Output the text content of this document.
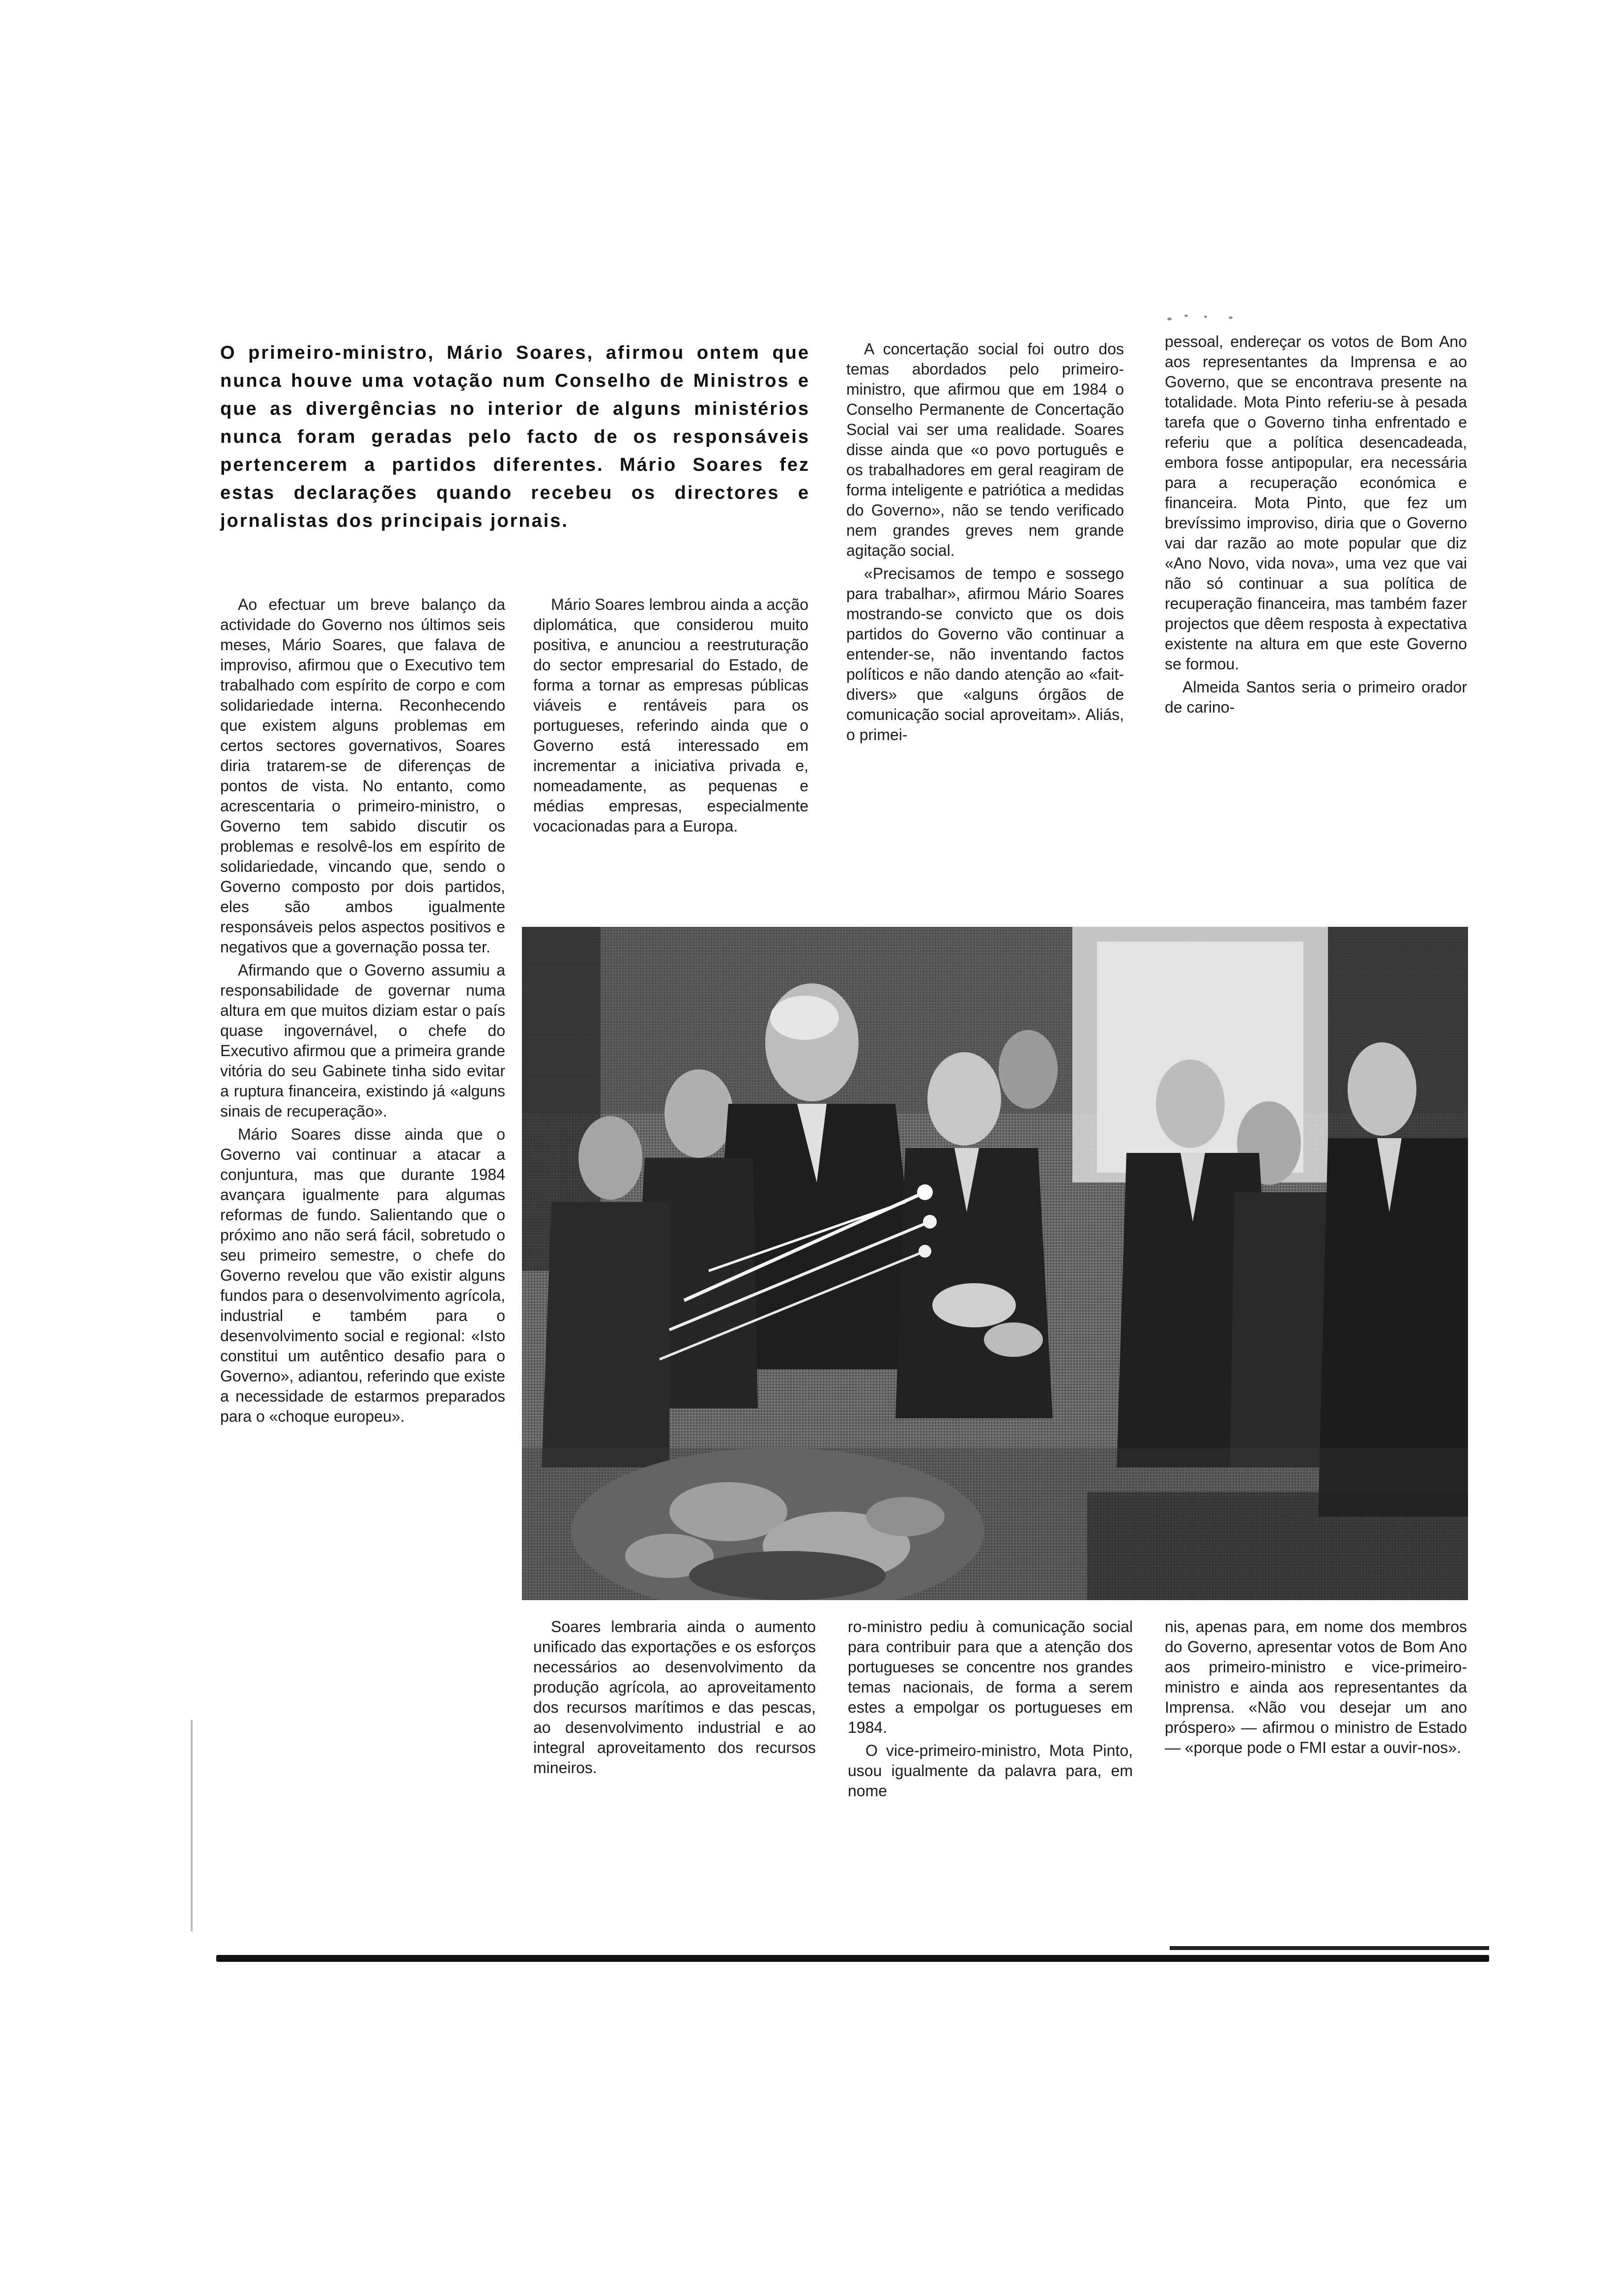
O primeiro-ministro, Mário Soares, afirmou ontem que nunca houve uma votação num Conselho de Ministros e que as divergências no interior de alguns ministérios nunca foram geradas pelo facto de os responsáveis pertencerem a partidos diferentes. Mário Soares fez estas declarações quando recebeu os directores e jornalistas dos principais jornais.

Ao efectuar um breve balanço da actividade do Governo nos últimos seis meses, Mário Soares, que falava de improviso, afirmou que o Executivo tem trabalhado com espírito de corpo e com solidariedade interna. Reconhecendo que existem alguns problemas em certos sectores governativos, Soares diria tratarem-se de diferenças de pontos de vista. No entanto, como acrescentaria o primeiro-ministro, o Governo tem sabido discutir os problemas e resolvê-los em espírito de solidariedade, vincando que, sendo o Governo composto por dois partidos, eles são ambos igualmente responsáveis pelos aspectos positivos e negativos que a governação possa ter.

Afirmando que o Governo assumiu a responsabilidade de governar numa altura em que muitos diziam estar o país quase ingovernável, o chefe do Executivo afirmou que a primeira grande vitória do seu Gabinete tinha sido evitar a ruptura financeira, existindo já «alguns sinais de recuperação».

Mário Soares disse ainda que o Governo vai continuar a atacar a conjuntura, mas que durante 1984 avançara igualmente para algumas reformas de fundo. Salientando que o próximo ano não será fácil, sobretudo o seu primeiro semestre, o chefe do Governo revelou que vão existir alguns fundos para o desenvolvimento agrícola, industrial e também para o desenvolvimento social e regional: «Isto constitui um autêntico desafio para o Governo», adiantou, referindo que existe a necessidade de estarmos preparados para o «choque europeu».

Mário Soares lembrou ainda a acção diplomática, que considerou muito positiva, e anunciou a reestruturação do sector empresarial do Estado, de forma a tornar as empresas públicas viáveis e rentáveis para os portugueses, referindo ainda que o Governo está interessado em incrementar a iniciativa privada e, nomeadamente, as pequenas e médias empresas, especialmente vocacionadas para a Europa.

A concertação social foi outro dos temas abordados pelo primeiro-ministro, que afirmou que em 1984 o Conselho Permanente de Concertação Social vai ser uma realidade. Soares disse ainda que «o povo português e os trabalhadores em geral reagiram de forma inteligente e patriótica a medidas do Governo», não se tendo verificado nem grandes greves nem grande agitação social.

«Precisamos de tempo e sossego para trabalhar», afirmou Mário Soares mostrando-se convicto que os dois partidos do Governo vão continuar a entender-se, não inventando factos políticos e não dando atenção ao «fait-divers» que «alguns órgãos de comunicação social aproveitam». Aliás, o primei-

pessoal, endereçar os votos de Bom Ano aos representantes da Imprensa e ao Governo, que se encontrava presente na totalidade. Mota Pinto referiu-se à pesada tarefa que o Governo tinha enfrentado e referiu que a política desencadeada, embora fosse antipopular, era necessária para a recuperação económica e financeira. Mota Pinto, que fez um brevíssimo improviso, diria que o Governo vai dar razão ao mote popular que diz «Ano Novo, vida nova», uma vez que vai não só continuar a sua política de recuperação financeira, mas também fazer projectos que dêem resposta à expectativa existente na altura em que este Governo se formou.

Almeida Santos seria o primeiro orador de carino-

Soares lembraria ainda o aumento unificado das exportações e os esforços necessários ao desenvolvimento da produção agrícola, ao aproveitamento dos recursos marítimos e das pescas, ao desenvolvimento industrial e ao integral aproveitamento dos recursos mineiros.

ro-ministro pediu à comunicação social para contribuir para que a atenção dos portugueses se concentre nos grandes temas nacionais, de forma a serem estes a empolgar os portugueses em 1984.

O vice-primeiro-ministro, Mota Pinto, usou igualmente da palavra para, em nome

nis, apenas para, em nome dos membros do Governo, apresentar votos de Bom Ano aos primeiro-ministro e vice-primeiro-ministro e ainda aos representantes da Imprensa. «Não vou desejar um ano próspero» — afirmou o ministro de Estado — «porque pode o FMI estar a ouvir-nos».
